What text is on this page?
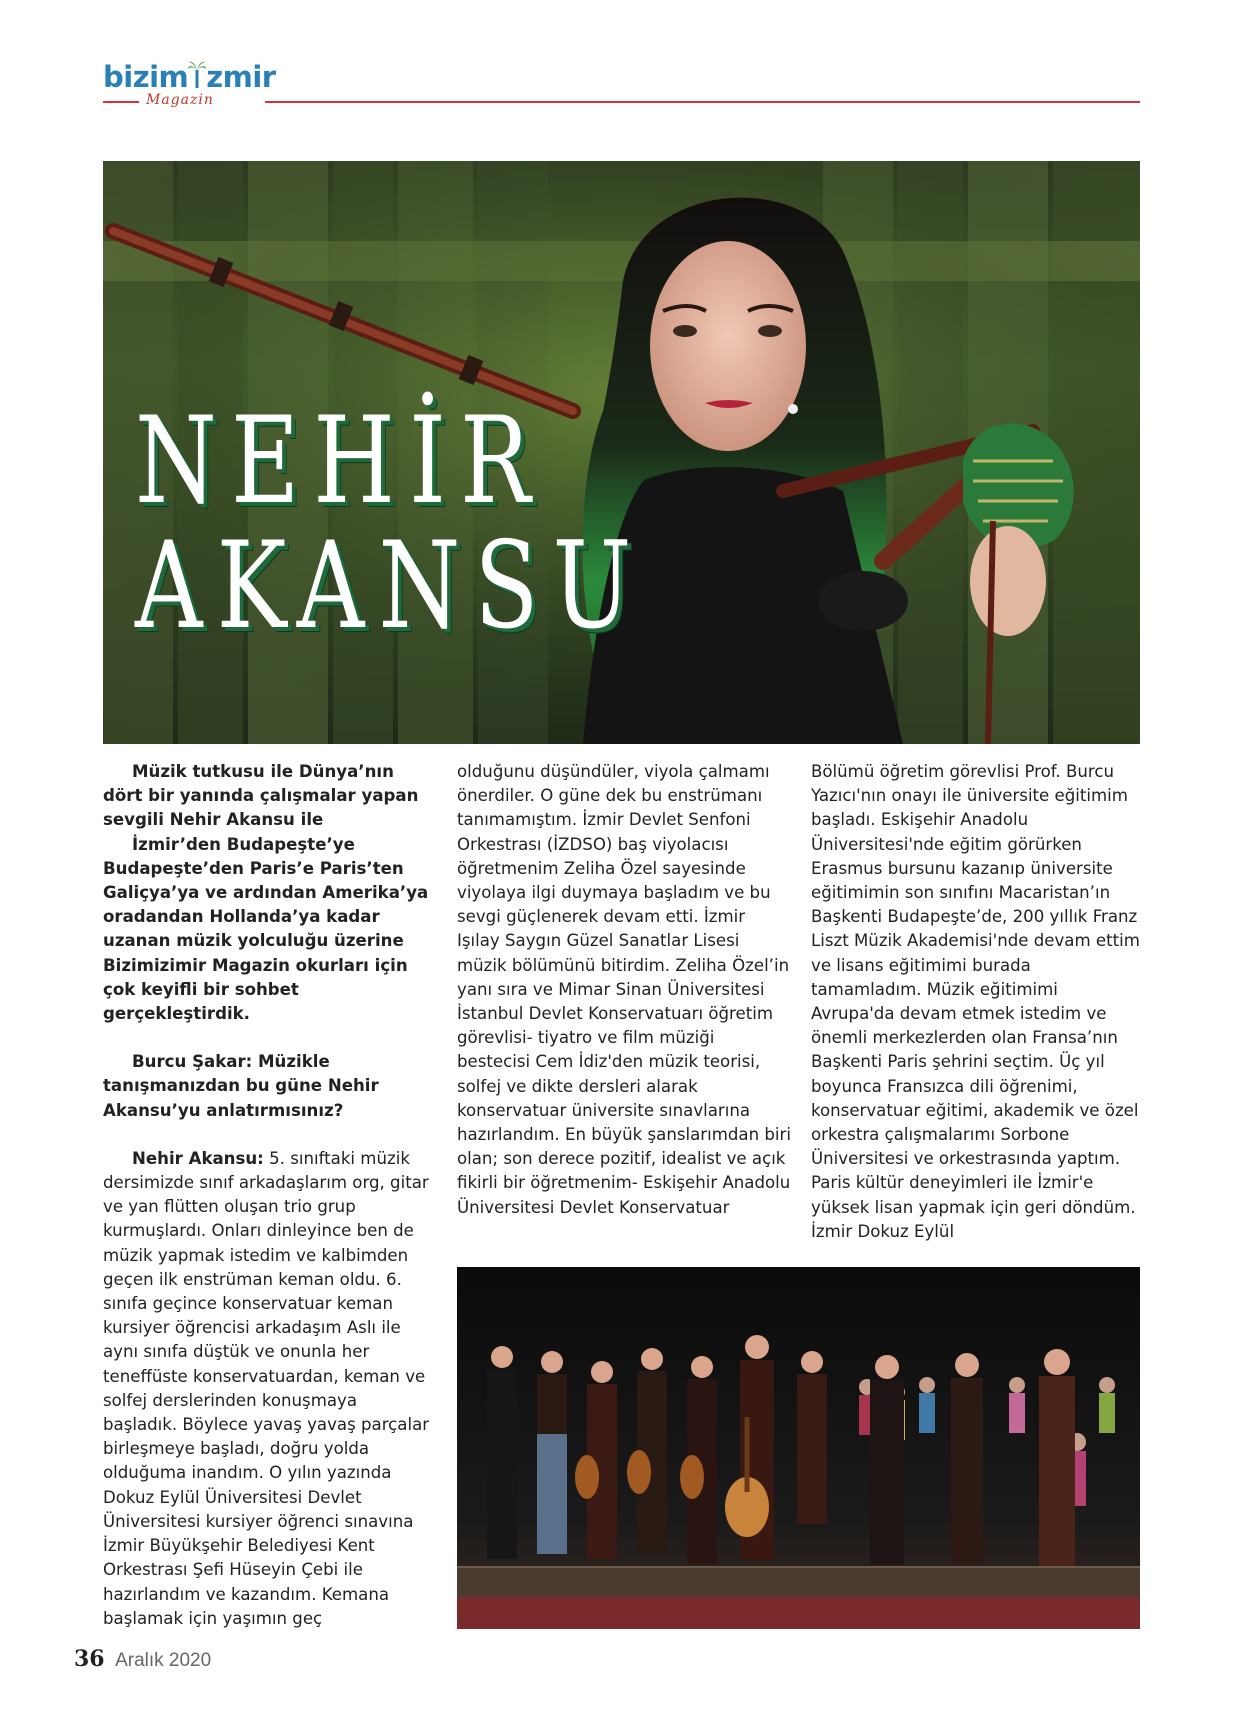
bizim zmir
Magazin
NEHİR
AKANSU

Müzik tutkusu ile Dünya’nın dört bir yanında çalışmalar yapan sevgili Nehir Akansu ile

İzmir’den Budapeşte’ye Budapeşte’den Paris’e Paris’ten Galiçya’ya ve ardından Amerika’ya oradandan Hollanda’ya kadar uzanan müzik yolculuğu üzerine Bizimizimir Magazin okurları için çok keyifli bir sohbet gerçekleştirdik.

Burcu Şakar: Müzikle tanışmanızdan bu güne Nehir Akansu’yu anlatırmısınız?

Nehir Akansu: 5. sınıftaki müzik dersimizde sınıf arkadaşlarım org, gitar ve yan flütten oluşan trio grup kurmuşlardı. Onları dinleyince ben de müzik yapmak istedim ve kalbimden geçen ilk enstrüman keman oldu. 6. sınıfa geçince konservatuar keman kursiyer öğrencisi arkadaşım Aslı ile aynı sınıfa düştük ve onunla her teneffüste konservatuardan, keman ve solfej derslerinden konuşmaya başladık. Böylece yavaş yavaş parçalar birleşmeye başladı, doğru yolda olduğuma inandım. O yılın yazında Dokuz Eylül Üniversitesi Devlet Üniversitesi kursiyer öğrenci sınavına İzmir Büyükşehir Belediyesi Kent Orkestrası Şefi Hüseyin Çebi ile hazırlandım ve kazandım. Kemana başlamak için yaşımın geç

olduğunu düşündüler, viyola çalmamı önerdiler. O güne dek bu enstrümanı tanımamıştım. İzmir Devlet Senfoni Orkestrası (İZDSO) baş viyolacısı öğretmenim Zeliha Özel sayesinde viyolaya ilgi duymaya başladım ve bu sevgi güçlenerek devam etti. İzmir Işılay Saygın Güzel Sanatlar Lisesi müzik bölümünü bitirdim. Zeliha Özel’in yanı sıra ve Mimar Sinan Üniversitesi İstanbul Devlet Konservatuarı öğretim görevlisi- tiyatro ve film müziği bestecisi Cem İdiz'den müzik teorisi, solfej ve dikte dersleri alarak konservatuar üniversite sınavlarına hazırlandım. En büyük şanslarımdan biri olan; son derece pozitif, idealist ve açık fikirli bir öğretmenim- Eskişehir Anadolu Üniversitesi Devlet Konservatuar

Bölümü öğretim görevlisi Prof. Burcu Yazıcı'nın onayı ile üniversite eğitimim başladı. Eskişehir Anadolu Üniversitesi'nde eğitim görürken Erasmus bursunu kazanıp üniversite eğitimimin son sınıfını Macaristan’ın Başkenti Budapeşte’de, 200 yıllık Franz Liszt Müzik Akademisi'nde devam ettim ve lisans eğitimimi burada tamamladım. Müzik eğitimimi Avrupa'da devam etmek istedim ve önemli merkezlerden olan Fransa’nın Başkenti Paris şehrini seçtim. Üç yıl boyunca Fransızca dili öğrenimi, konservatuar eğitimi, akademik ve özel orkestra çalışmalarımı Sorbone Üniversitesi ve orkestrasında yaptım. Paris kültür deneyimleri ile İzmir'e yüksek lisan yapmak için geri döndüm. İzmir Dokuz Eylül

36 Aralık 2020
